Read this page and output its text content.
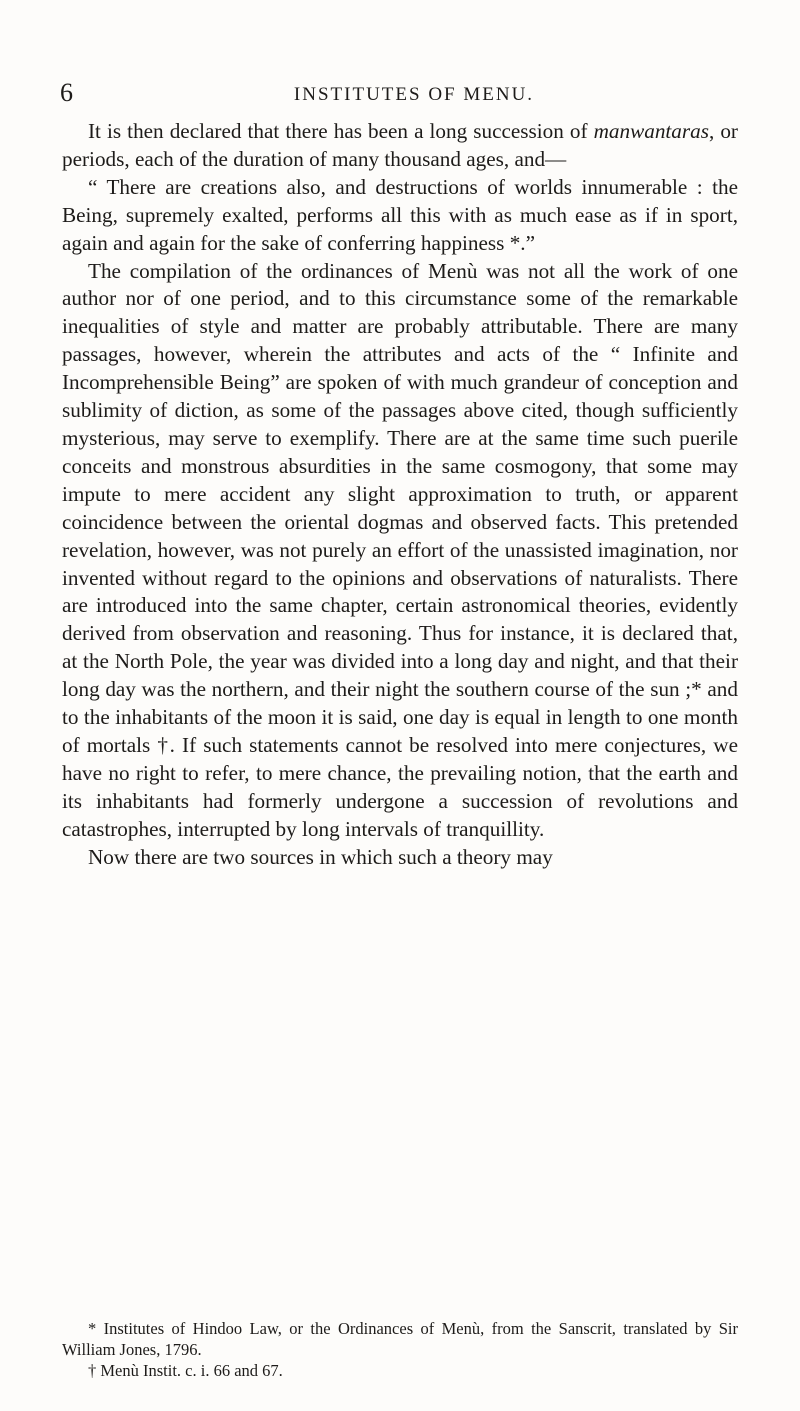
6	INSTITUTES OF MENU.

It is then declared that there has been a long succession of manwantaras, or periods, each of the duration of many thousand ages, and—

“ There are creations also, and destructions of worlds innumerable : the Being, supremely exalted, performs all this with as much ease as if in sport, again and again for the sake of conferring happiness *.”

The compilation of the ordinances of Menù was not all the work of one author nor of one period, and to this circumstance some of the remarkable inequalities of style and matter are probably attributable. There are many passages, however, wherein the attributes and acts of the “ Infinite and Incomprehensible Being” are spoken of with much grandeur of conception and sublimity of diction, as some of the passages above cited, though sufficiently mysterious, may serve to exemplify. There are at the same time such puerile conceits and monstrous absurdities in the same cosmogony, that some may impute to mere accident any slight approximation to truth, or apparent coincidence between the oriental dogmas and observed facts. This pretended revelation, however, was not purely an effort of the unassisted imagination, nor invented without regard to the opinions and observations of naturalists. There are introduced into the same chapter, certain astronomical theories, evidently derived from observation and reasoning. Thus for instance, it is declared that, at the North Pole, the year was divided into a long day and night, and that their long day was the northern, and their night the southern course of the sun ;* and to the inhabitants of the moon it is said, one day is equal in length to one month of mortals †. If such statements cannot be resolved into mere conjectures, we have no right to refer, to mere chance, the prevailing notion, that the earth and its inhabitants had formerly undergone a succession of revolutions and catastrophes, interrupted by long intervals of tranquillity.

Now there are two sources in which such a theory may

* Institutes of Hindoo Law, or the Ordinances of Menù, from the Sanscrit, translated by Sir William Jones, 1796.

† Menù Instit. c. i. 66 and 67.
